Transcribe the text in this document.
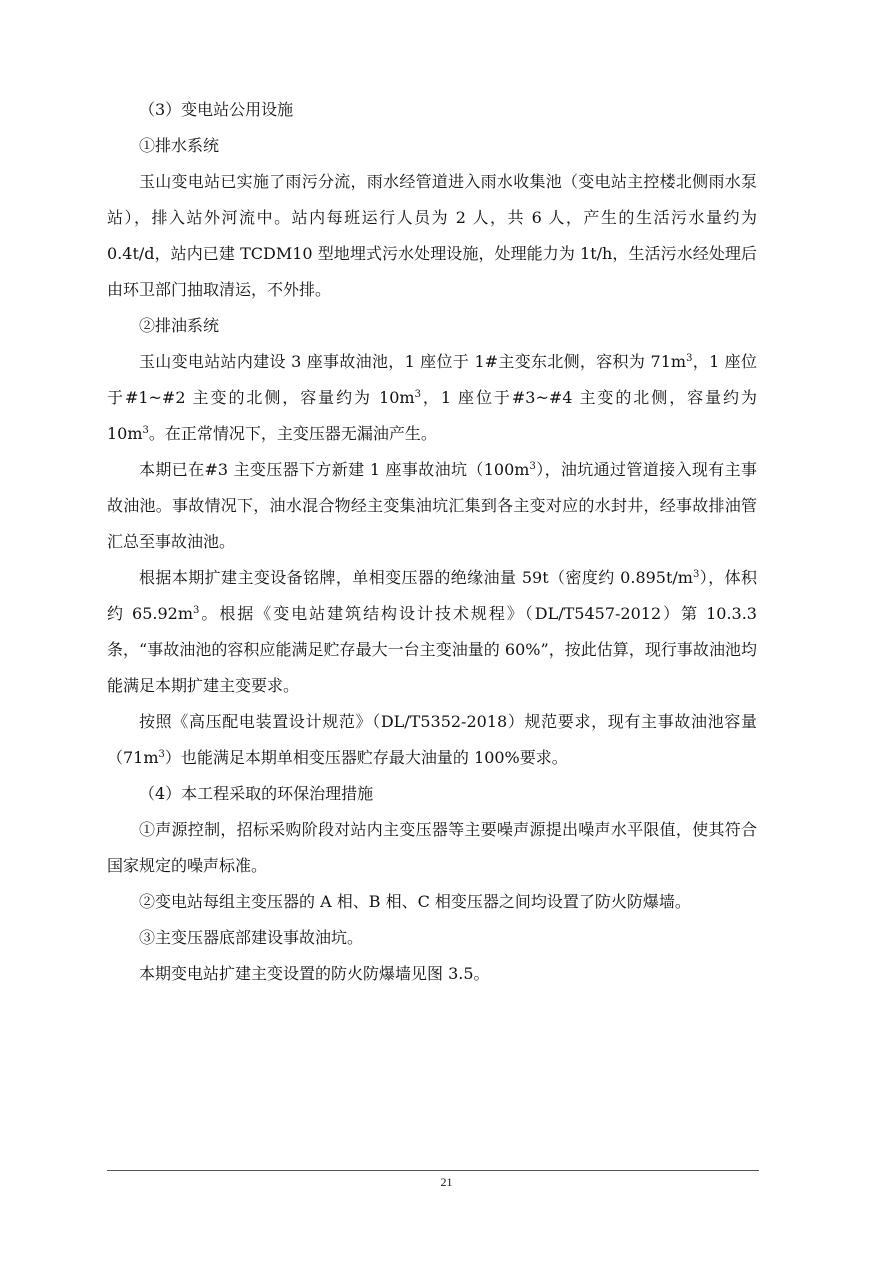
（3）变电站公用设施

①排水系统

玉山变电站已实施了雨污分流，雨水经管道进入雨水收集池（变电站主控楼北侧雨水泵站），排入站外河流中。站内每班运行人员为 2 人，共 6 人，产生的生活污水量约为 0.4t/d，站内已建 TCDM10 型地埋式污水处理设施，处理能力为 1t/h，生活污水经处理后由环卫部门抽取清运，不外排。

②排油系统

玉山变电站站内建设 3 座事故油池，1 座位于 1#主变东北侧，容积为 $71m^3$，1 座位于#1~#2 主变的北侧，容量约为 $10m^3$，1 座位于#3~#4 主变的北侧，容量约为 $10m^3$。在正常情况下，主变压器无漏油产生。

本期已在#3 主变压器下方新建 1 座事故油坑$(100m^3)$，油坑通过管道接入现有主事故油池。事故情况下，油水混合物经主变集油坑汇集到各主变对应的水封井，经事故排油管汇总至事故油池。

根据本期扩建主变设备铭牌，单相变压器的绝缘油量 59t（密度约 $0.895t/m^3$），体积约 $65.92m^3$。根据《变电站建筑结构设计技术规程》（DL/T5457-2012）第 10.3.3 条，“事故油池的容积应能满足贮存最大一台主变油量的 60%”，按此估算，现行事故油池均能满足本期扩建主变要求。

按照《高压配电装置设计规范》（DL/T5352-2018）规范要求，现有主事故油池容量$(71m^3)$也能满足本期单相变压器贮存最大油量的 100%要求。

（4）本工程采取的环保治理措施

①声源控制，招标采购阶段对站内主变压器等主要噪声源提出噪声水平限值，使其符合国家规定的噪声标准。

②变电站每组主变压器的 A 相、B 相、C 相变压器之间均设置了防火防爆墙。

③主变压器底部建设事故油坑。

本期变电站扩建主变设置的防火防爆墙见图 3.5。

21
